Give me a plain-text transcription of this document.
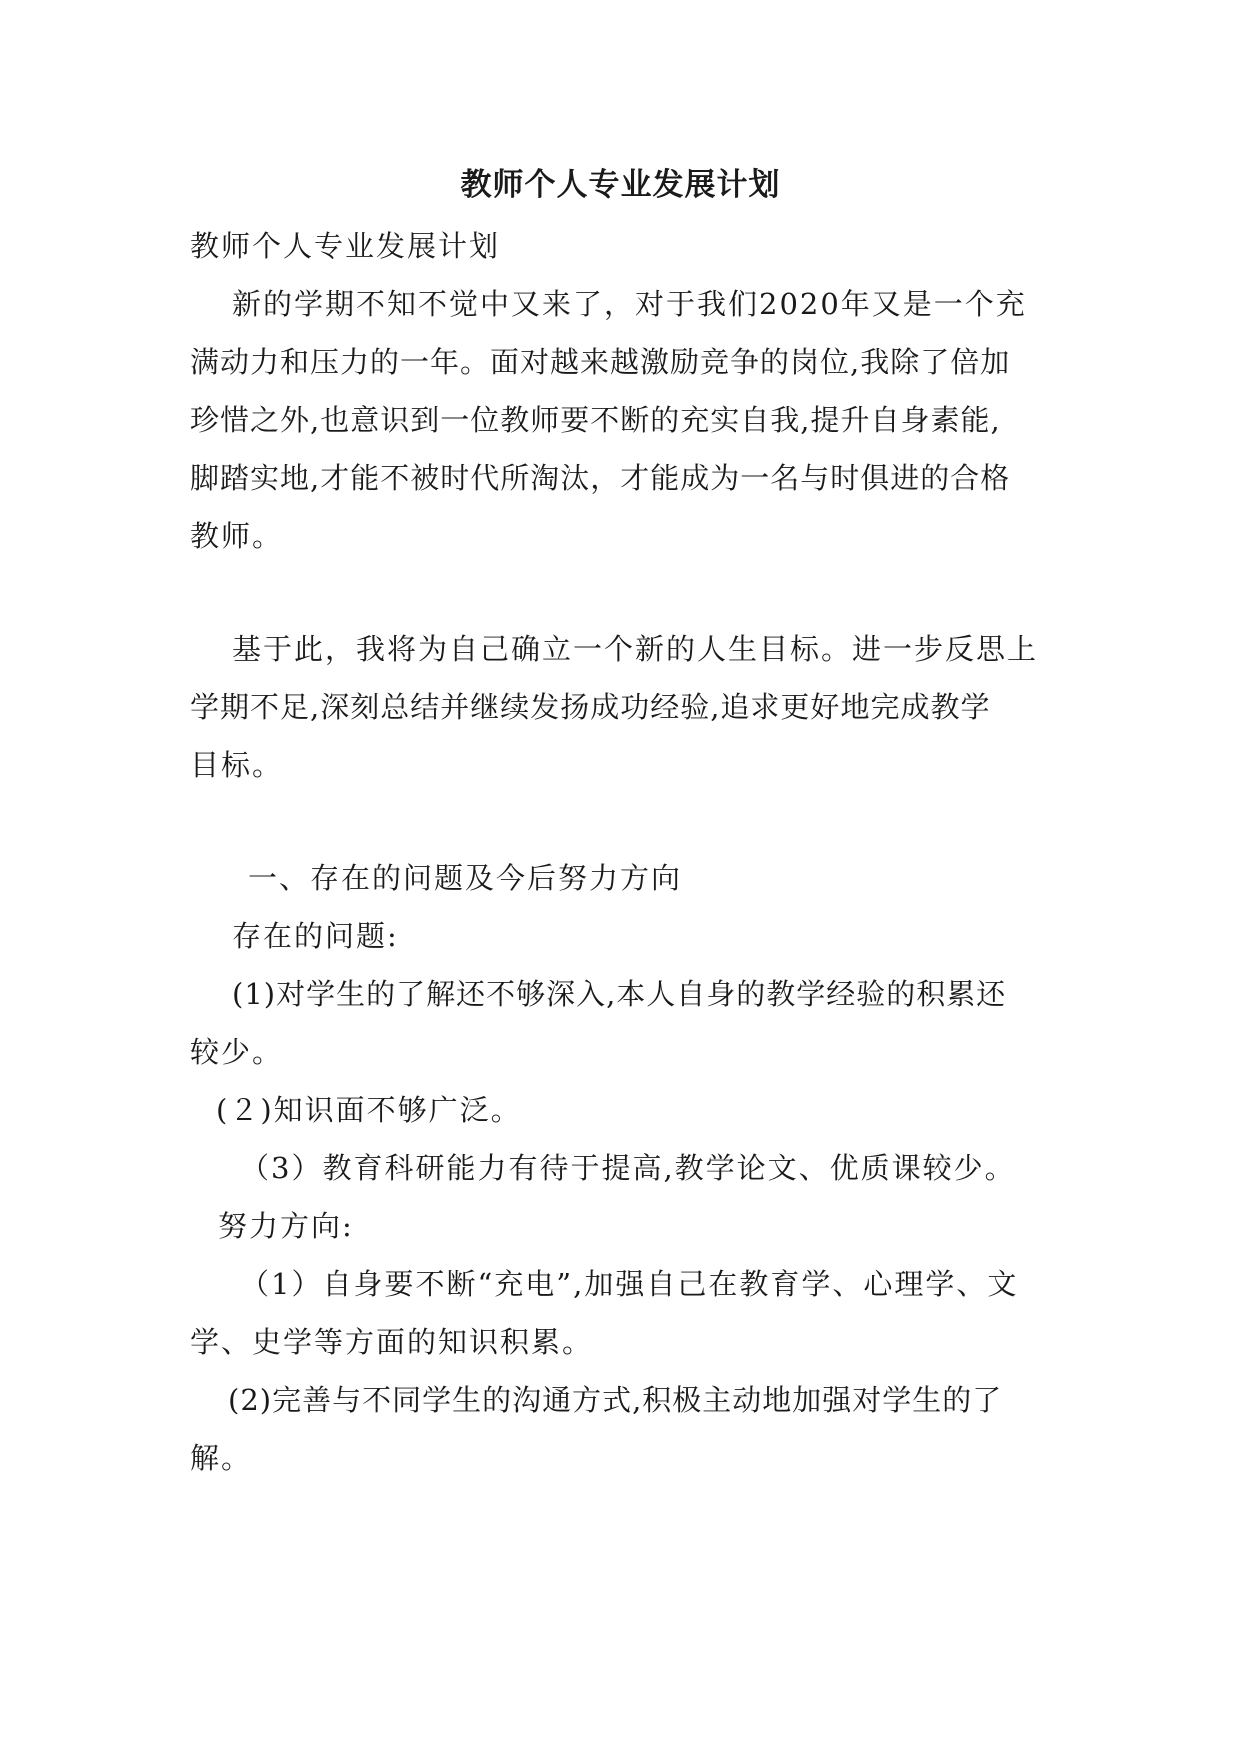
教师个人专业发展计划
教师个人专业发展计划
新的学期不知不觉中又来了，对于我们2020年又是一个充
满动力和压力的一年。面对越来越激励竞争的岗位,我除了倍加
珍惜之外,也意识到一位教师要不断的充实自我,提升自身素能,
脚踏实地,才能不被时代所淘汰，才能成为一名与时俱进的合格
教师。
基于此，我将为自己确立一个新的人生目标。进一步反思上
学期不足,深刻总结并继续发扬成功经验,追求更好地完成教学
目标。
一、存在的问题及今后努力方向
存在的问题:
(1)对学生的了解还不够深入,本人自身的教学经验的积累还
较少。
(２)知识面不够广泛。
（3）教育科研能力有待于提高,教学论文、优质课较少。
努力方向:
（1）自身要不断“充电”,加强自己在教育学、心理学、文
学、史学等方面的知识积累。
(2)完善与不同学生的沟通方式,积极主动地加强对学生的了
解。
